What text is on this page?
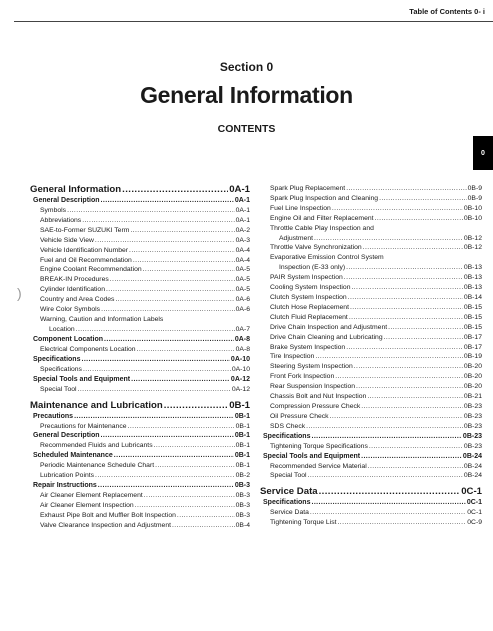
Table of Contents 0- i
Section 0
General Information
CONTENTS
0
)
General Information .....	0A-1
General Description .....	0A-1
Symbols .....	0A-1
Abbreviations .....	0A-1
SAE-to-Former SUZUKI Term .....	0A-2
Vehicle Side View .....	0A-3
Vehicle Identification Number .....	0A-4
Fuel and Oil Recommendation .....	0A-4
Engine Coolant Recommendation .....	0A-5
BREAK-IN Procedures .....	0A-5
Cylinder Identification .....	0A-5
Country and Area Codes .....	0A-6
Wire Color Symbols .....	0A-6
Warning, Caution and Information Labels
Location .....	0A-7
Component Location .....	0A-8
Electrical Components Location .....	0A-8
Specifications .....	0A-10
Specifications .....	0A-10
Special Tools and Equipment .....	0A-12
Special Tool .....	0A-12
Maintenance and Lubrication .....	0B-1
Precautions .....	0B-1
Precautions for Maintenance .....	0B-1
General Description .....	0B-1
Recommended Fluids and Lubricants .....	0B-1
Scheduled Maintenance .....	0B-1
Periodic Maintenance Schedule Chart .....	0B-1
Lubrication Points .....	0B-2
Repair Instructions .....	0B-3
Air Cleaner Element Replacement .....	0B-3
Air Cleaner Element Inspection .....	0B-3
Exhaust Pipe Bolt and Muffler Bolt Inspection .....	0B-3
Valve Clearance Inspection and Adjustment .....	0B-4
Spark Plug Replacement .....	0B-9
Spark Plug Inspection and Cleaning .....	0B-9
Fuel Line Inspection .....	0B-10
Engine Oil and Filter Replacement .....	0B-10
Throttle Cable Play Inspection and
Adjustment .....	0B-12
Throttle Valve Synchronization .....	0B-12
Evaporative Emission Control System
Inspection (E-33 only) .....	0B-13
PAIR System Inspection .....	0B-13
Cooling System Inspection .....	0B-13
Clutch System Inspection .....	0B-14
Clutch Hose Replacement .....	0B-15
Clutch Fluid Replacement .....	0B-15
Drive Chain Inspection and Adjustment .....	0B-15
Drive Chain Cleaning and Lubricating .....	0B-17
Brake System Inspection .....	0B-17
Tire Inspection .....	0B-19
Steering System Inspection .....	0B-20
Front Fork Inspection .....	0B-20
Rear Suspension Inspection .....	0B-20
Chassis Bolt and Nut Inspection .....	0B-21
Compression Pressure Check .....	0B-23
Oil Pressure Check .....	0B-23
SDS Check .....	0B-23
Specifications .....	0B-23
Tightening Torque Specifications .....	0B-23
Special Tools and Equipment .....	0B-24
Recommended Service Material .....	0B-24
Special Tool .....	0B-24
Service Data .....	0C-1
Specifications .....	0C-1
Service Data .....	0C-1
Tightening Torque List .....	0C-9
